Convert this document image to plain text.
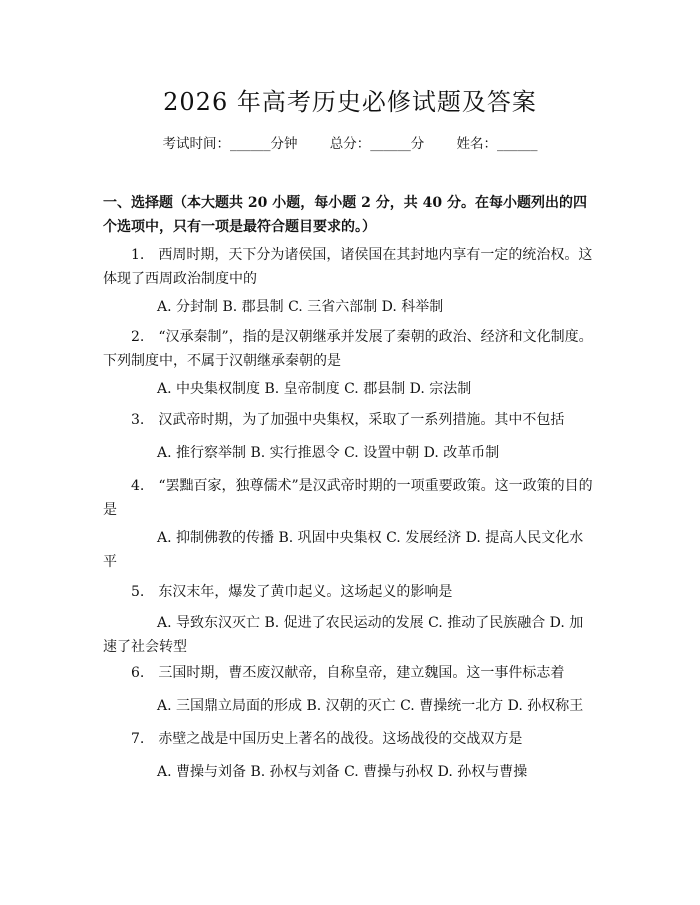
2026 年高考历史必修试题及答案
考试时间：______分钟 总分：______分 姓名：______
一、选择题（本大题共 20 小题，每小题 2 分，共 40 分。在每小题列出的四个选项中，只有一项是最符合题目要求的。）
1. 西周时期，天下分为诸侯国，诸侯国在其封地内享有一定的统治权。这体现了西周政治制度中的
A. 分封制 B. 郡县制 C. 三省六部制 D. 科举制
2. “汉承秦制”，指的是汉朝继承并发展了秦朝的政治、经济和文化制度。下列制度中，不属于汉朝继承秦朝的是
A. 中央集权制度 B. 皇帝制度 C. 郡县制 D. 宗法制
3. 汉武帝时期，为了加强中央集权，采取了一系列措施。其中不包括
A. 推行察举制 B. 实行推恩令 C. 设置中朝 D. 改革币制
4. “罢黜百家，独尊儒术”是汉武帝时期的一项重要政策。这一政策的目的是
A. 抑制佛教的传播 B. 巩固中央集权 C. 发展经济 D. 提高人民文化水平
5. 东汉末年，爆发了黄巾起义。这场起义的影响是
A. 导致东汉灭亡 B. 促进了农民运动的发展 C. 推动了民族融合 D. 加速了社会转型
6. 三国时期，曹丕废汉献帝，自称皇帝，建立魏国。这一事件标志着
A. 三国鼎立局面的形成 B. 汉朝的灭亡 C. 曹操统一北方 D. 孙权称王
7. 赤壁之战是中国历史上著名的战役。这场战役的交战双方是
A. 曹操与刘备 B. 孙权与刘备 C. 曹操与孙权 D. 孙权与曹操
